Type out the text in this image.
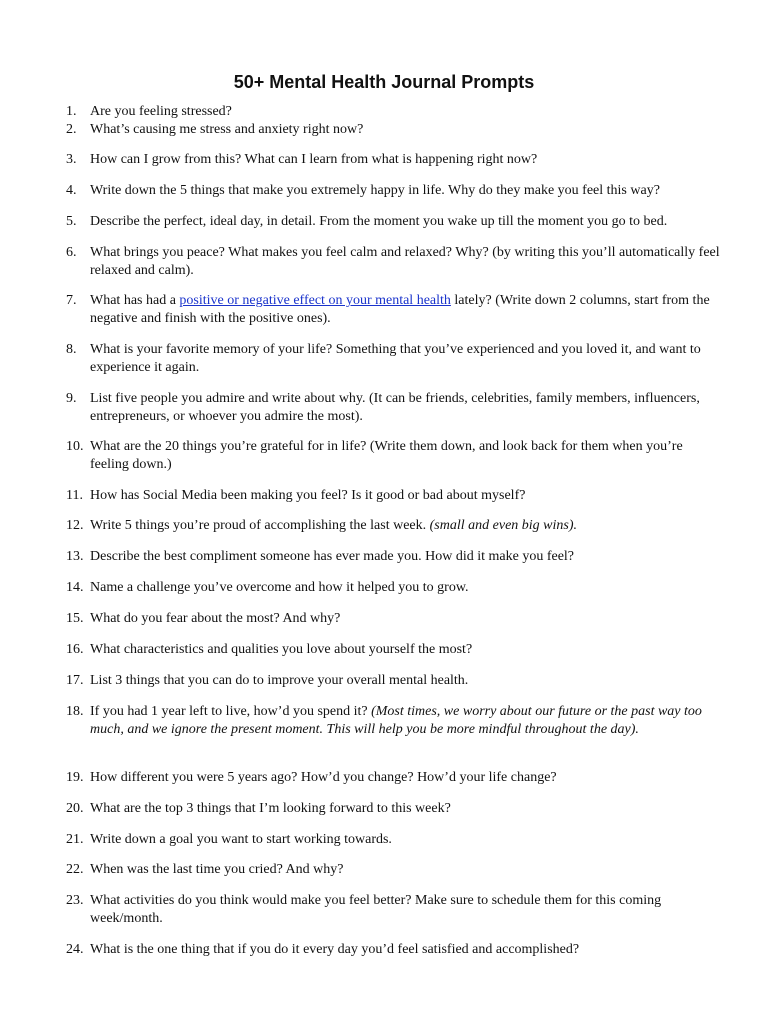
50+ Mental Health Journal Prompts
1. Are you feeling stressed?
2. What’s causing me stress and anxiety right now?
3. How can I grow from this? What can I learn from what is happening right now?
4. Write down the 5 things that make you extremely happy in life. Why do they make you feel this way?
5. Describe the perfect, ideal day, in detail. From the moment you wake up till the moment you go to bed.
6. What brings you peace? What makes you feel calm and relaxed? Why? (by writing this you’ll automatically feel relaxed and calm).
7. What has had a positive or negative effect on your mental health lately? (Write down 2 columns, start from the negative and finish with the positive ones).
8. What is your favorite memory of your life? Something that you’ve experienced and you loved it, and want to experience it again.
9. List five people you admire and write about why. (It can be friends, celebrities, family members, influencers, entrepreneurs, or whoever you admire the most).
10. What are the 20 things you’re grateful for in life? (Write them down, and look back for them when you’re feeling down.)
11. How has Social Media been making you feel? Is it good or bad about myself?
12. Write 5 things you’re proud of accomplishing the last week. (small and even big wins).
13. Describe the best compliment someone has ever made you. How did it make you feel?
14. Name a challenge you’ve overcome and how it helped you to grow.
15. What do you fear about the most? And why?
16. What characteristics and qualities you love about yourself the most?
17. List 3 things that you can do to improve your overall mental health.
18. If you had 1 year left to live, how’d you spend it? (Most times, we worry about our future or the past way too much, and we ignore the present moment. This will help you be more mindful throughout the day).
19. How different you were 5 years ago? How’d you change? How’d your life change?
20. What are the top 3 things that I’m looking forward to this week?
21. Write down a goal you want to start working towards.
22. When was the last time you cried? And why?
23. What activities do you think would make you feel better? Make sure to schedule them for this coming week/month.
24. What is the one thing that if you do it every day you’d feel satisfied and accomplished?
